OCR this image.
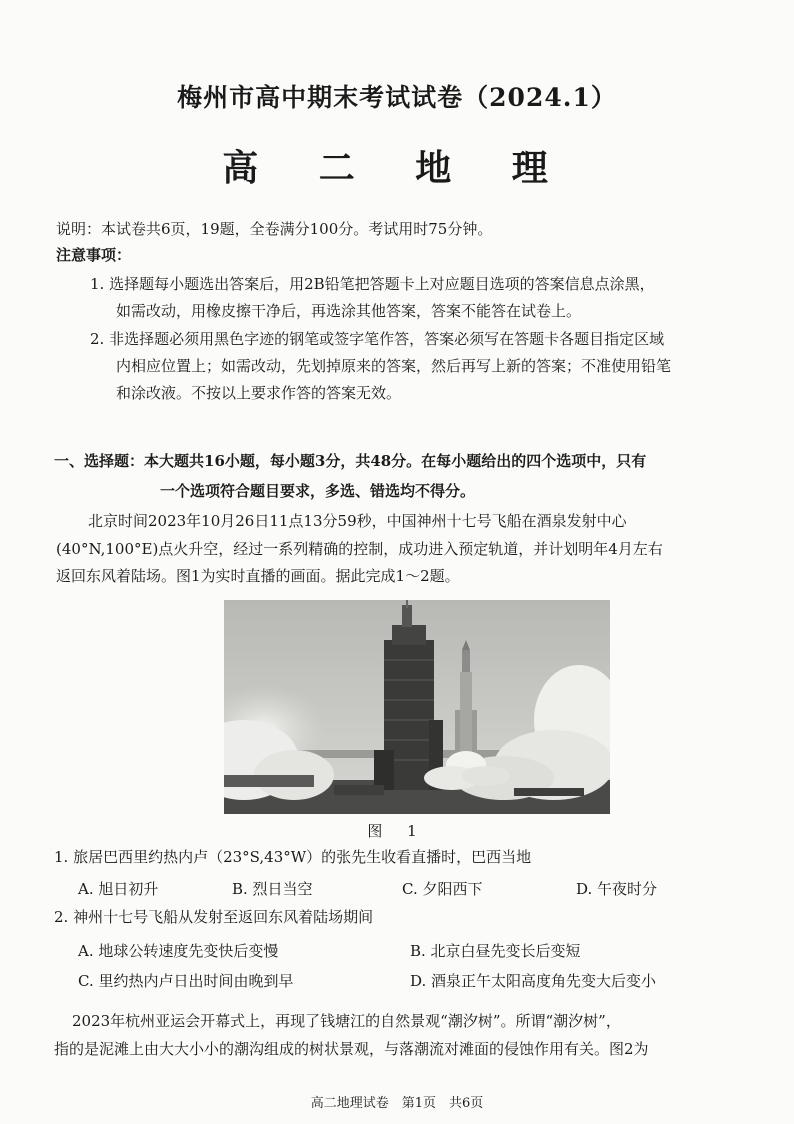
梅州市高中期末考试试卷（2024.1）
高 二 地 理
说明：本试卷共6页，19题，全卷满分100分。考试用时75分钟。
注意事项：
1. 选择题每小题选出答案后，用2B铅笔把答题卡上对应题目选项的答案信息点涂黑，
如需改动，用橡皮擦干净后，再选涂其他答案，答案不能答在试卷上。
2. 非选择题必须用黑色字迹的钢笔或签字笔作答，答案必须写在答题卡各题目指定区域
内相应位置上；如需改动，先划掉原来的答案，然后再写上新的答案；不准使用铅笔
和涂改液。不按以上要求作答的答案无效。
一、选择题：本大题共16小题，每小题3分，共48分。在每小题给出的四个选项中，只有
一个选项符合题目要求，多选、错选均不得分。
北京时间2023年10月26日11点13分59秒，中国神州十七号飞船在酒泉发射中心
(40°N,100°E)点火升空，经过一系列精确的控制，成功进入预定轨道，并计划明年4月左右
返回东风着陆场。图1为实时直播的画面。据此完成1～2题。
图 1
1. 旅居巴西里约热内卢（23°S,43°W）的张先生收看直播时，巴西当地
A. 旭日初升	B. 烈日当空	C. 夕阳西下	D. 午夜时分
2. 神州十七号飞船从发射至返回东风着陆场期间
A. 地球公转速度先变快后变慢	B. 北京白昼先变长后变短
C. 里约热内卢日出时间由晚到早	D. 酒泉正午太阳高度角先变大后变小
2023年杭州亚运会开幕式上，再现了钱塘江的自然景观“潮汐树”。所谓“潮汐树”，
指的是泥滩上由大大小小的潮沟组成的树状景观，与落潮流对滩面的侵蚀作用有关。图2为
高二地理试卷　第1页　共6页
